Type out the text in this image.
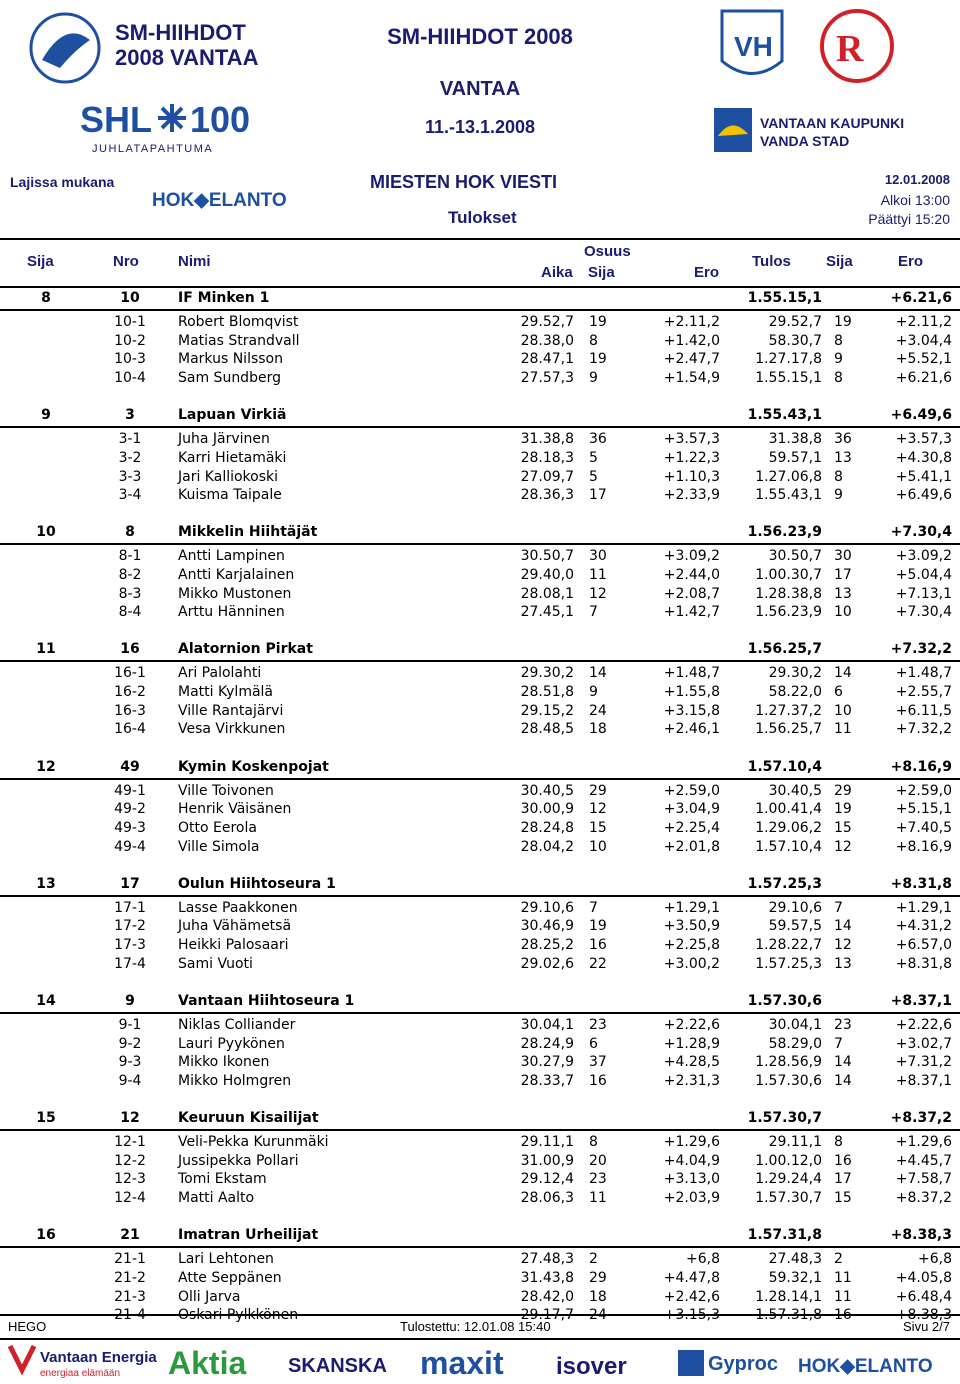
SM-HIIHDOT
2008 VANTAA
SHL 100
JUHLATAPAHTUMA
SM-HIIHDOT 2008
VANTAA
11.-13.1.2008
VH R
VANTAAN KAUPUNKI
VANDA STAD
Lajissa mukana
HOK◆ELANTO
MIESTEN HOK VIESTI
Tulokset
12.01.2008
Alkoi 13:00
Päättyi 15:20
Sija	Nro	Nimi
Osuus
Aika Sija	Ero
Tulos Sija	Ero
8	10	IF Minken 1	1.55.15,1	+6.21,6
10-1	Robert Blomqvist	29.52,7 19	+2.11,2	29.52,7 19	+2.11,2
10-2	Matias Strandvall	28.38,0 8	+1.42,0	58.30,7 8	+3.04,4
10-3	Markus Nilsson	28.47,1 19	+2.47,7	1.27.17,8 9	+5.52,1
10-4	Sam Sundberg	27.57,3 9	+1.54,9	1.55.15,1 8	+6.21,6
9	3	Lapuan Virkiä	1.55.43,1	+6.49,6
3-1	Juha Järvinen	31.38,8 36	+3.57,3	31.38,8 36	+3.57,3
3-2	Karri Hietamäki	28.18,3 5	+1.22,3	59.57,1 13	+4.30,8
3-3	Jari Kalliokoski	27.09,7 5	+1.10,3	1.27.06,8 8	+5.41,1
3-4	Kuisma Taipale	28.36,3 17	+2.33,9	1.55.43,1 9	+6.49,6
10	8	Mikkelin Hiihtäjät	1.56.23,9	+7.30,4
8-1	Antti Lampinen	30.50,7 30	+3.09,2	30.50,7 30	+3.09,2
8-2	Antti Karjalainen	29.40,0 11	+2.44,0	1.00.30,7 17	+5.04,4
8-3	Mikko Mustonen	28.08,1 12	+2.08,7	1.28.38,8 13	+7.13,1
8-4	Arttu Hänninen	27.45,1 7	+1.42,7	1.56.23,9 10	+7.30,4
11	16	Alatornion Pirkat	1.56.25,7	+7.32,2
16-1	Ari Palolahti	29.30,2 14	+1.48,7	29.30,2 14	+1.48,7
16-2	Matti Kylmälä	28.51,8 9	+1.55,8	58.22,0 6	+2.55,7
16-3	Ville Rantajärvi	29.15,2 24	+3.15,8	1.27.37,2 10	+6.11,5
16-4	Vesa Virkkunen	28.48,5 18	+2.46,1	1.56.25,7 11	+7.32,2
12	49	Kymin Koskenpojat	1.57.10,4	+8.16,9
49-1	Ville Toivonen	30.40,5 29	+2.59,0	30.40,5 29	+2.59,0
49-2	Henrik Väisänen	30.00,9 12	+3.04,9	1.00.41,4 19	+5.15,1
49-3	Otto Eerola	28.24,8 15	+2.25,4	1.29.06,2 15	+7.40,5
49-4	Ville Simola	28.04,2 10	+2.01,8	1.57.10,4 12	+8.16,9
13	17	Oulun Hiihtoseura 1	1.57.25,3	+8.31,8
17-1	Lasse Paakkonen	29.10,6 7	+1.29,1	29.10,6 7	+1.29,1
17-2	Juha Vähämetsä	30.46,9 19	+3.50,9	59.57,5 14	+4.31,2
17-3	Heikki Palosaari	28.25,2 16	+2.25,8	1.28.22,7 12	+6.57,0
17-4	Sami Vuoti	29.02,6 22	+3.00,2	1.57.25,3 13	+8.31,8
14	9	Vantaan Hiihtoseura 1	1.57.30,6	+8.37,1
9-1	Niklas Colliander	30.04,1 23	+2.22,6	30.04,1 23	+2.22,6
9-2	Lauri Pyykönen	28.24,9 6	+1.28,9	58.29,0 7	+3.02,7
9-3	Mikko Ikonen	30.27,9 37	+4.28,5	1.28.56,9 14	+7.31,2
9-4	Mikko Holmgren	28.33,7 16	+2.31,3	1.57.30,6 14	+8.37,1
15	12	Keuruun Kisailijat	1.57.30,7	+8.37,2
12-1	Veli-Pekka Kurunmäki	29.11,1 8	+1.29,6	29.11,1 8	+1.29,6
12-2	Jussipekka Pollari	31.00,9 20	+4.04,9	1.00.12,0 16	+4.45,7
12-3	Tomi Ekstam	29.12,4 23	+3.13,0	1.29.24,4 17	+7.58,7
12-4	Matti Aalto	28.06,3 11	+2.03,9	1.57.30,7 15	+8.37,2
16	21	Imatran Urheilijat	1.57.31,8	+8.38,3
21-1	Lari Lehtonen	27.48,3 2	+6,8	27.48,3 2	+6,8
21-2	Atte Seppänen	31.43,8 29	+4.47,8	59.32,1 11	+4.05,8
21-3	Olli Jarva	28.42,0 18	+2.42,6	1.28.14,1 11	+6.48,4
21-4	Oskari Pylkkönen	29.17,7 24	+3.15,3	1.57.31,8 16	+8.38,3
HEGO	Tulostettu: 12.01.08 15:40	Sivu 2/7
Vantaan Energia
energiaa elämään Aktia SKANSKA maxit isover	Gyproc HOK◆ELANTO
